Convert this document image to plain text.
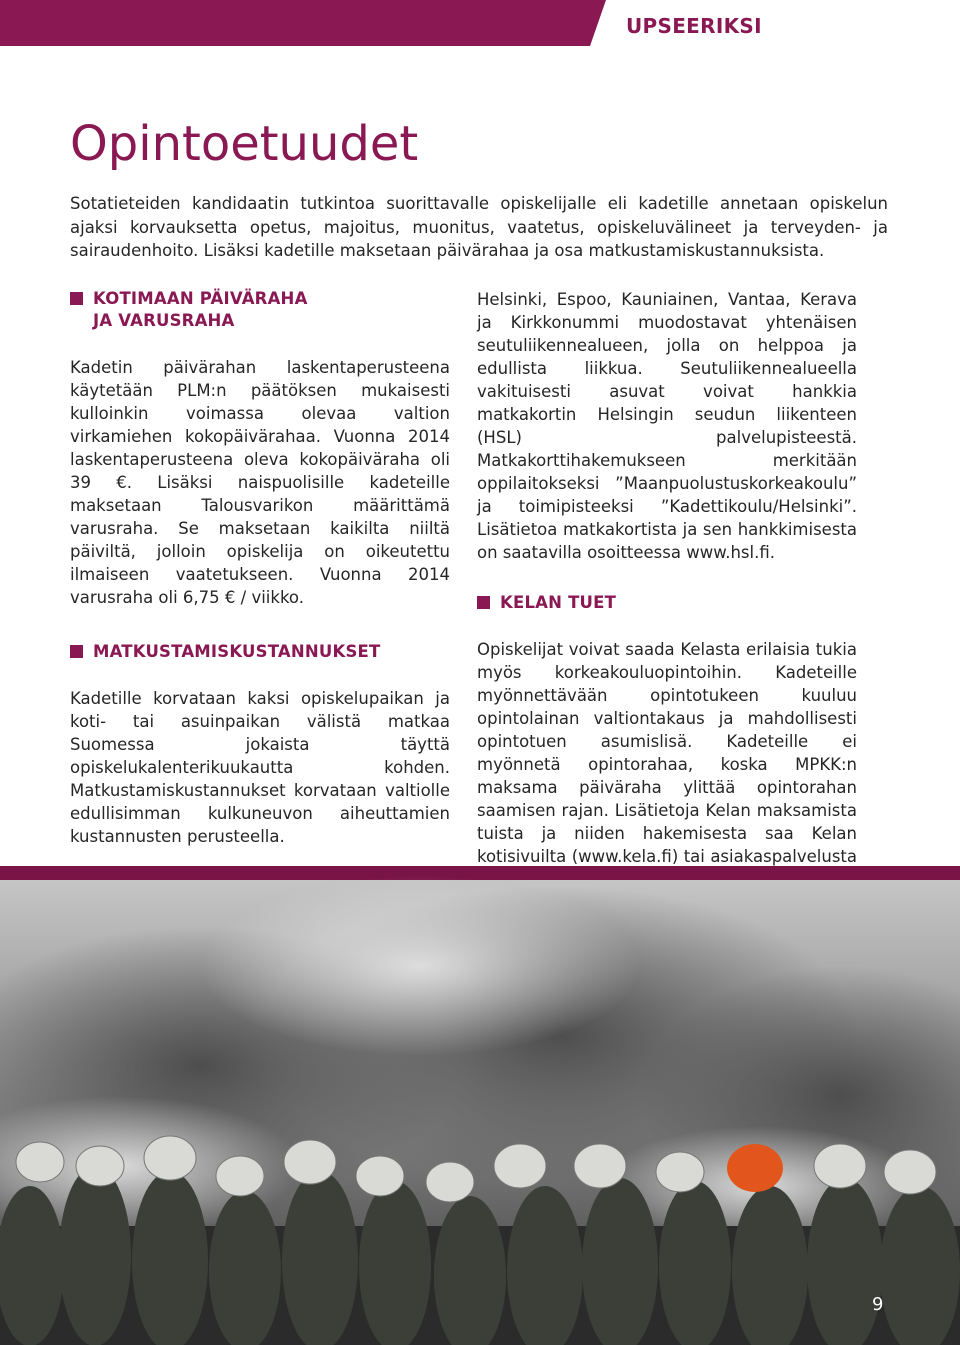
UPSEERIKSI
Opintoetuudet

Sotatieteiden kandidaatin tutkintoa suorittavalle opiskelijalle eli kadetille annetaan opiskelun ajaksi korvauksetta opetus, majoitus, muonitus, vaatetus, opiskeluvälineet ja terveyden- ja sairaudenhoito. Lisäksi kadetille maksetaan päivärahaa ja osa matkustamiskustannuksista.

KOTIMAAN PÄIVÄRAHA
JA VARUSRAHA

Kadetin päivärahan laskentaperusteena käytetään PLM:n päätöksen mukaisesti kulloinkin voimassa olevaa valtion virkamiehen kokopäivärahaa. Vuonna 2014 laskentaperusteena oleva kokopäiväraha oli 39 €. Lisäksi naispuolisille kadeteille maksetaan Talousvarikon määrittämä varusraha. Se maksetaan kaikilta niiltä päiviltä, jolloin opiskelija on oikeutettu ilmaiseen vaatetukseen. Vuonna 2014 varusraha oli 6,75 € / viikko.

MATKUSTAMISKUSTANNUKSET

Kadetille korvataan kaksi opiskelupaikan ja koti- tai asuinpaikan välistä matkaa Suomessa jokaista täyttä opiskelukalenterikuukautta kohden. Matkustamiskustannukset korvataan valtiolle edullisimman kulkuneuvon aiheuttamien kustannusten perusteella.

Helsinki, Espoo, Kauniainen, Vantaa, Kerava ja Kirkkonummi muodostavat yhtenäisen seutuliikennealueen, jolla on helppoa ja edullista liikkua. Seutuliikennealueella vakituisesti asuvat voivat hankkia matkakortin Helsingin seudun liikenteen (HSL) palvelupisteestä. Matkakorttihakemukseen merkitään oppilaitokseksi ”Maanpuolustuskorkeakoulu” ja toimipisteeksi ”Kadettikoulu/Helsinki”. Lisätietoa matkakortista ja sen hankkimisesta on saatavilla osoitteessa www.hsl.fi.

KELAN TUET

Opiskelijat voivat saada Kelasta erilaisia tukia myös korkeakouluopintoihin. Kadeteille myönnettävään opintotukeen kuuluu opintolainan valtiontakaus ja mahdollisesti opintotuen asumislisä. Kadeteille ei myönnetä opintorahaa, koska MPKK:n maksama päiväraha ylittää opintorahan saamisen rajan. Lisätietoja Kelan maksamista tuista ja niiden hakemisesta saa Kelan kotisivuilta (www.kela.fi) tai asiakaspalvelusta

9
